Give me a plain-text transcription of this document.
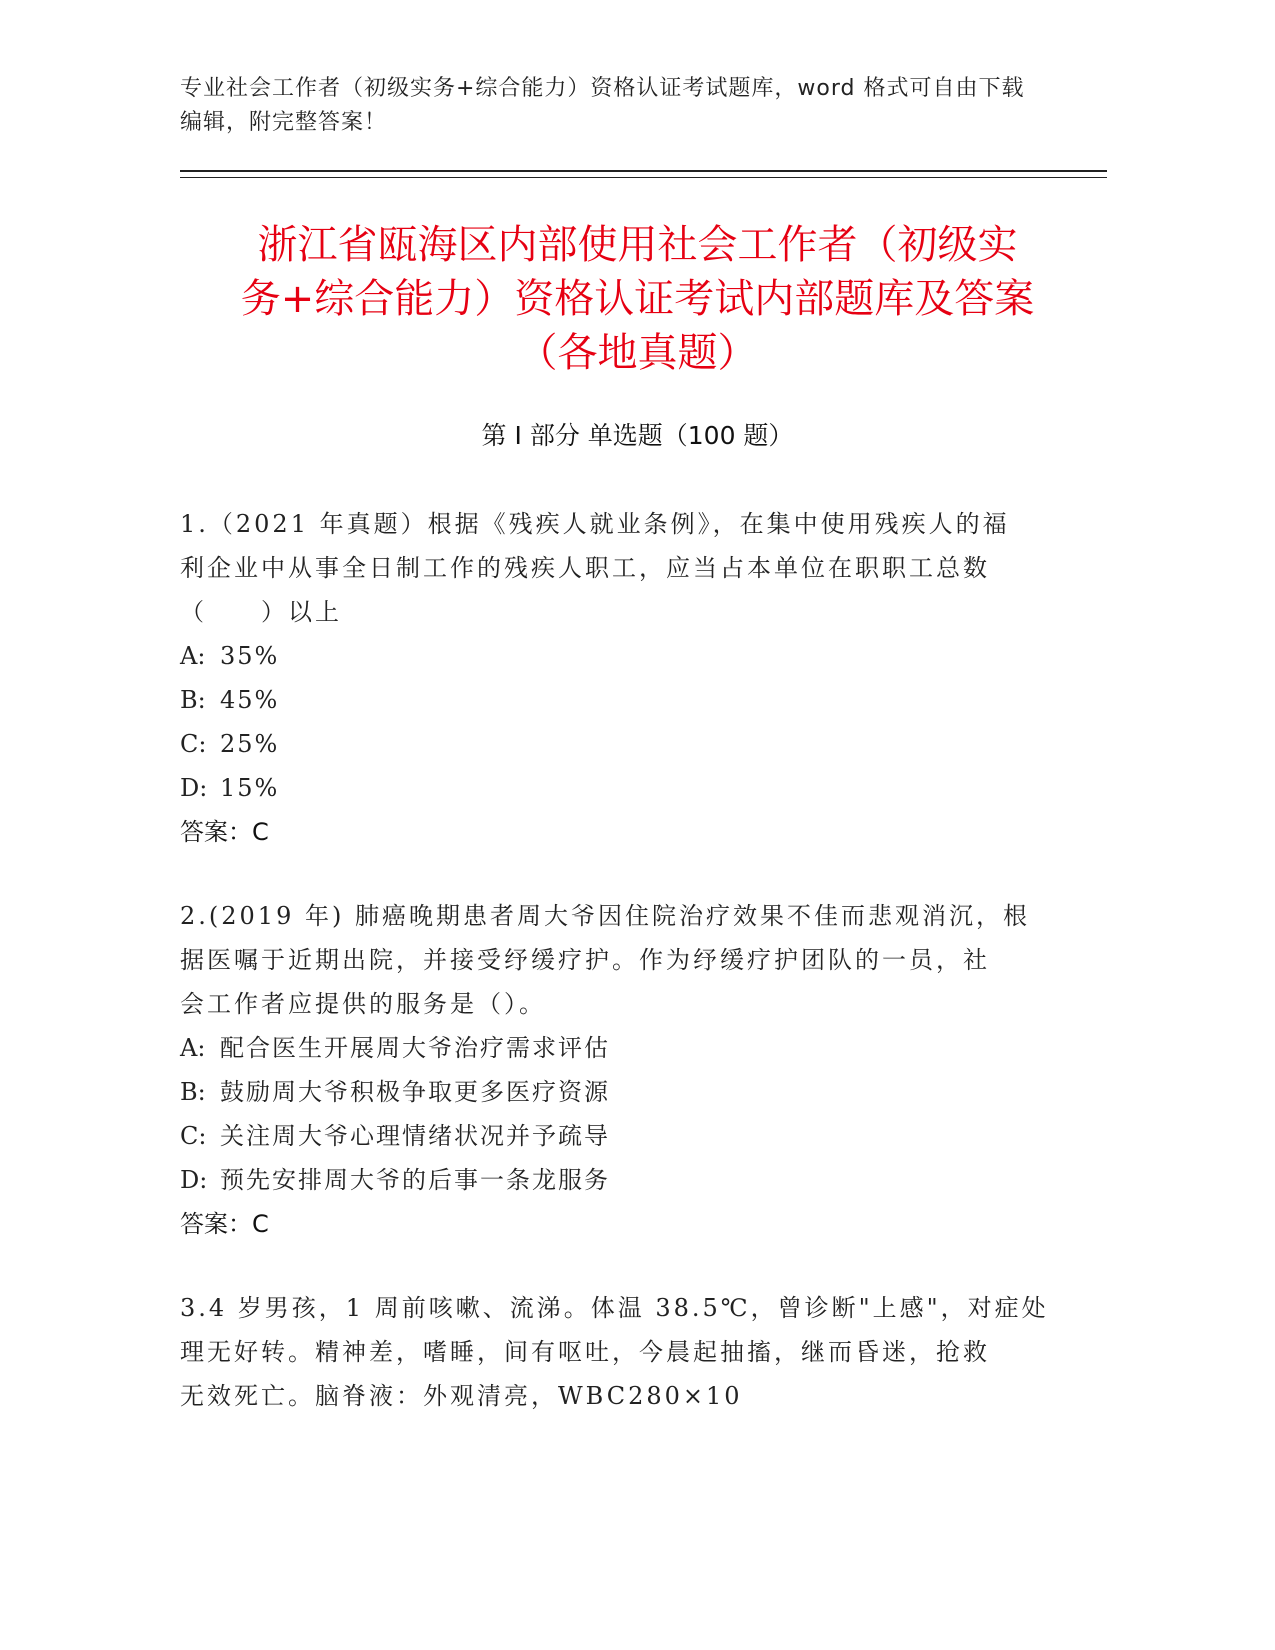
专业社会工作者（初级实务+综合能力）资格认证考试题库，word 格式可自由下载
编辑，附完整答案！
浙江省瓯海区内部使用社会工作者（初级实
务+综合能力）资格认证考试内部题库及答案
（各地真题）
第 I 部分 单选题（100 题）
1.（2021 年真题）根据《残疾人就业条例》，在集中使用残疾人的福
利企业中从事全日制工作的残疾人职工，应当占本单位在职职工总数
（　　）以上
A: 35%
B: 45%
C: 25%
D: 15%
答案：C
2.(2019 年) 肺癌晚期患者周大爷因住院治疗效果不佳而悲观消沉，根
据医嘱于近期出院，并接受纾缓疗护。作为纾缓疗护团队的一员，社
会工作者应提供的服务是（）。
A: 配合医生开展周大爷治疗需求评估
B: 鼓励周大爷积极争取更多医疗资源
C: 关注周大爷心理情绪状况并予疏导
D: 预先安排周大爷的后事一条龙服务
答案：C
3.4 岁男孩，1 周前咳嗽、流涕。体温 38.5℃，曾诊断"上感"，对症处
理无好转。精神差，嗜睡，间有呕吐，今晨起抽搐，继而昏迷，抢救
无效死亡。脑脊液：外观清亮，WBC280×10
